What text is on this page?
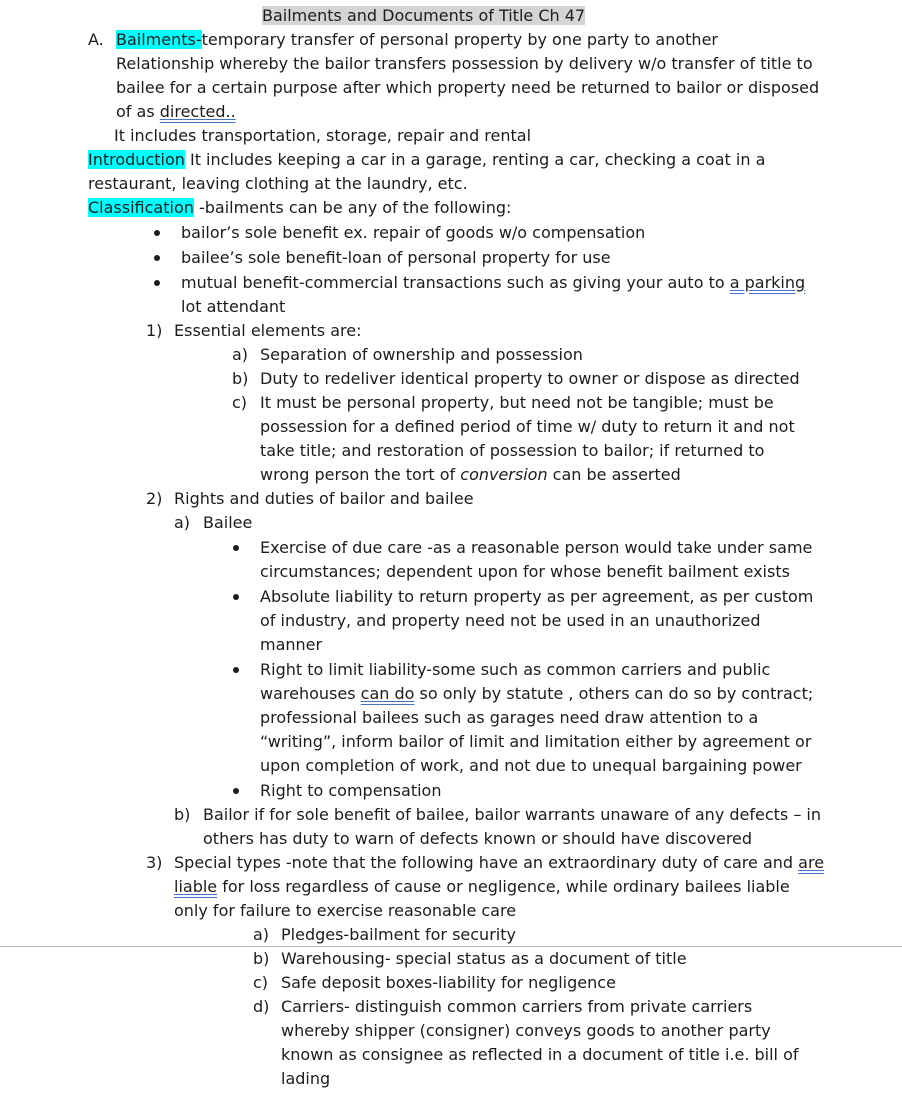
Bailments and Documents of Title Ch 47
A. Bailments-temporary transfer of personal property by one party to another
Relationship whereby the bailor transfers possession by delivery w/o transfer of title to
bailee for a certain purpose after which property need be returned to bailor or disposed
of as directed..
It includes transportation, storage, repair and rental
Introduction It includes keeping a car in a garage, renting a car, checking a coat in a
restaurant, leaving clothing at the laundry, etc.
Classification -bailments can be any of the following:
bailor’s sole benefit ex. repair of goods w/o compensation
bailee’s sole benefit-loan of personal property for use
mutual benefit-commercial transactions such as giving your auto to a parking
lot attendant
1) Essential elements are:
a) Separation of ownership and possession
b) Duty to redeliver identical property to owner or dispose as directed
c) It must be personal property, but need not be tangible; must be
possession for a defined period of time w/ duty to return it and not
take title; and restoration of possession to bailor; if returned to
wrong person the tort of conversion can be asserted
2) Rights and duties of bailor and bailee
a) Bailee
Exercise of due care -as a reasonable person would take under same
circumstances; dependent upon for whose benefit bailment exists
Absolute liability to return property as per agreement, as per custom
of industry, and property need not be used in an unauthorized
manner
Right to limit liability-some such as common carriers and public
warehouses can do so only by statute , others can do so by contract;
professional bailees such as garages need draw attention to a
“writing”, inform bailor of limit and limitation either by agreement or
upon completion of work, and not due to unequal bargaining power
Right to compensation
b) Bailor if for sole benefit of bailee, bailor warrants unaware of any defects – in
others has duty to warn of defects known or should have discovered
3) Special types -note that the following have an extraordinary duty of care and are
liable for loss regardless of cause or negligence, while ordinary bailees liable
only for failure to exercise reasonable care
a) Pledges-bailment for security
b) Warehousing- special status as a document of title
c) Safe deposit boxes-liability for negligence
d) Carriers- distinguish common carriers from private carriers
whereby shipper (consigner) conveys goods to another party
known as consignee as reflected in a document of title i.e. bill of
lading
